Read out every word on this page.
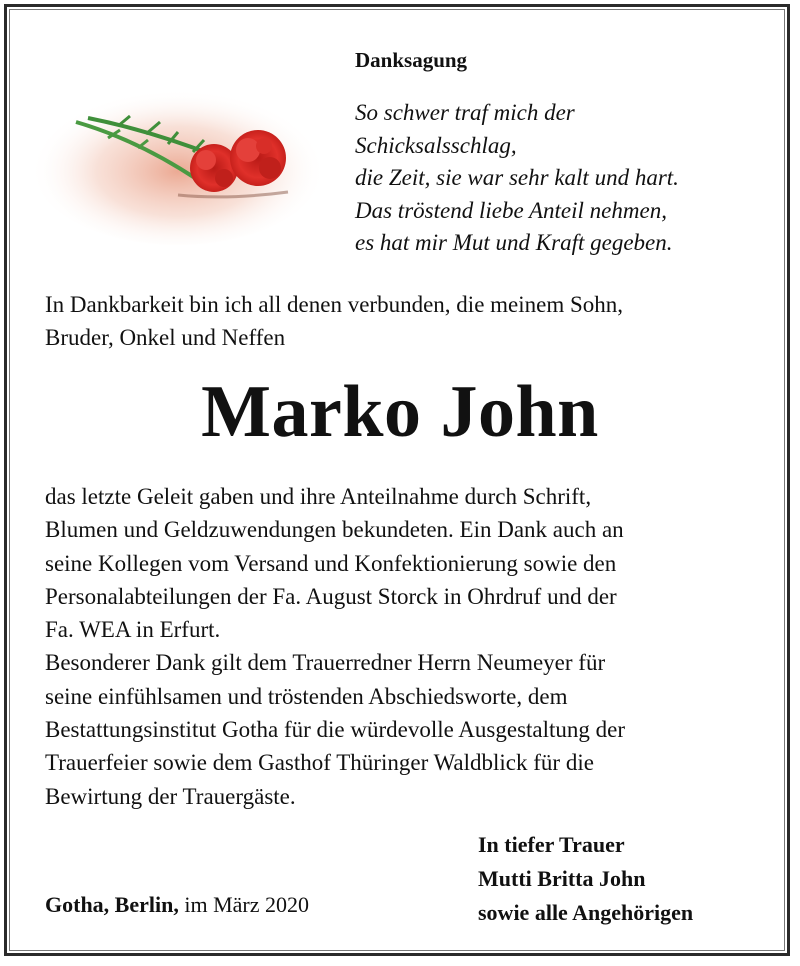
Danksagung
So schwer traf mich der
Schicksalsschlag,
die Zeit, sie war sehr kalt und hart.
Das tröstend liebe Anteil nehmen,
es hat mir Mut und Kraft gegeben.
In Dankbarkeit bin ich all denen verbunden, die meinem Sohn,
Bruder, Onkel und Neffen
Marko John
das letzte Geleit gaben und ihre Anteilnahme durch Schrift,
Blumen und Geldzuwendungen bekundeten. Ein Dank auch an
seine Kollegen vom Versand und Konfektionierung sowie den
Personalabteilungen der Fa. August Storck in Ohrdruf und der
Fa. WEA in Erfurt.
Besonderer Dank gilt dem Trauerredner Herrn Neumeyer für
seine einfühlsamen und tröstenden Abschiedsworte, dem
Bestattungsinstitut Gotha für die würdevolle Ausgestaltung der
Trauerfeier sowie dem Gasthof Thüringer Waldblick für die
Bewirtung der Trauergäste.
In tiefer Trauer
Mutti Britta John
sowie alle Angehörigen
Gotha, Berlin, im März 2020
